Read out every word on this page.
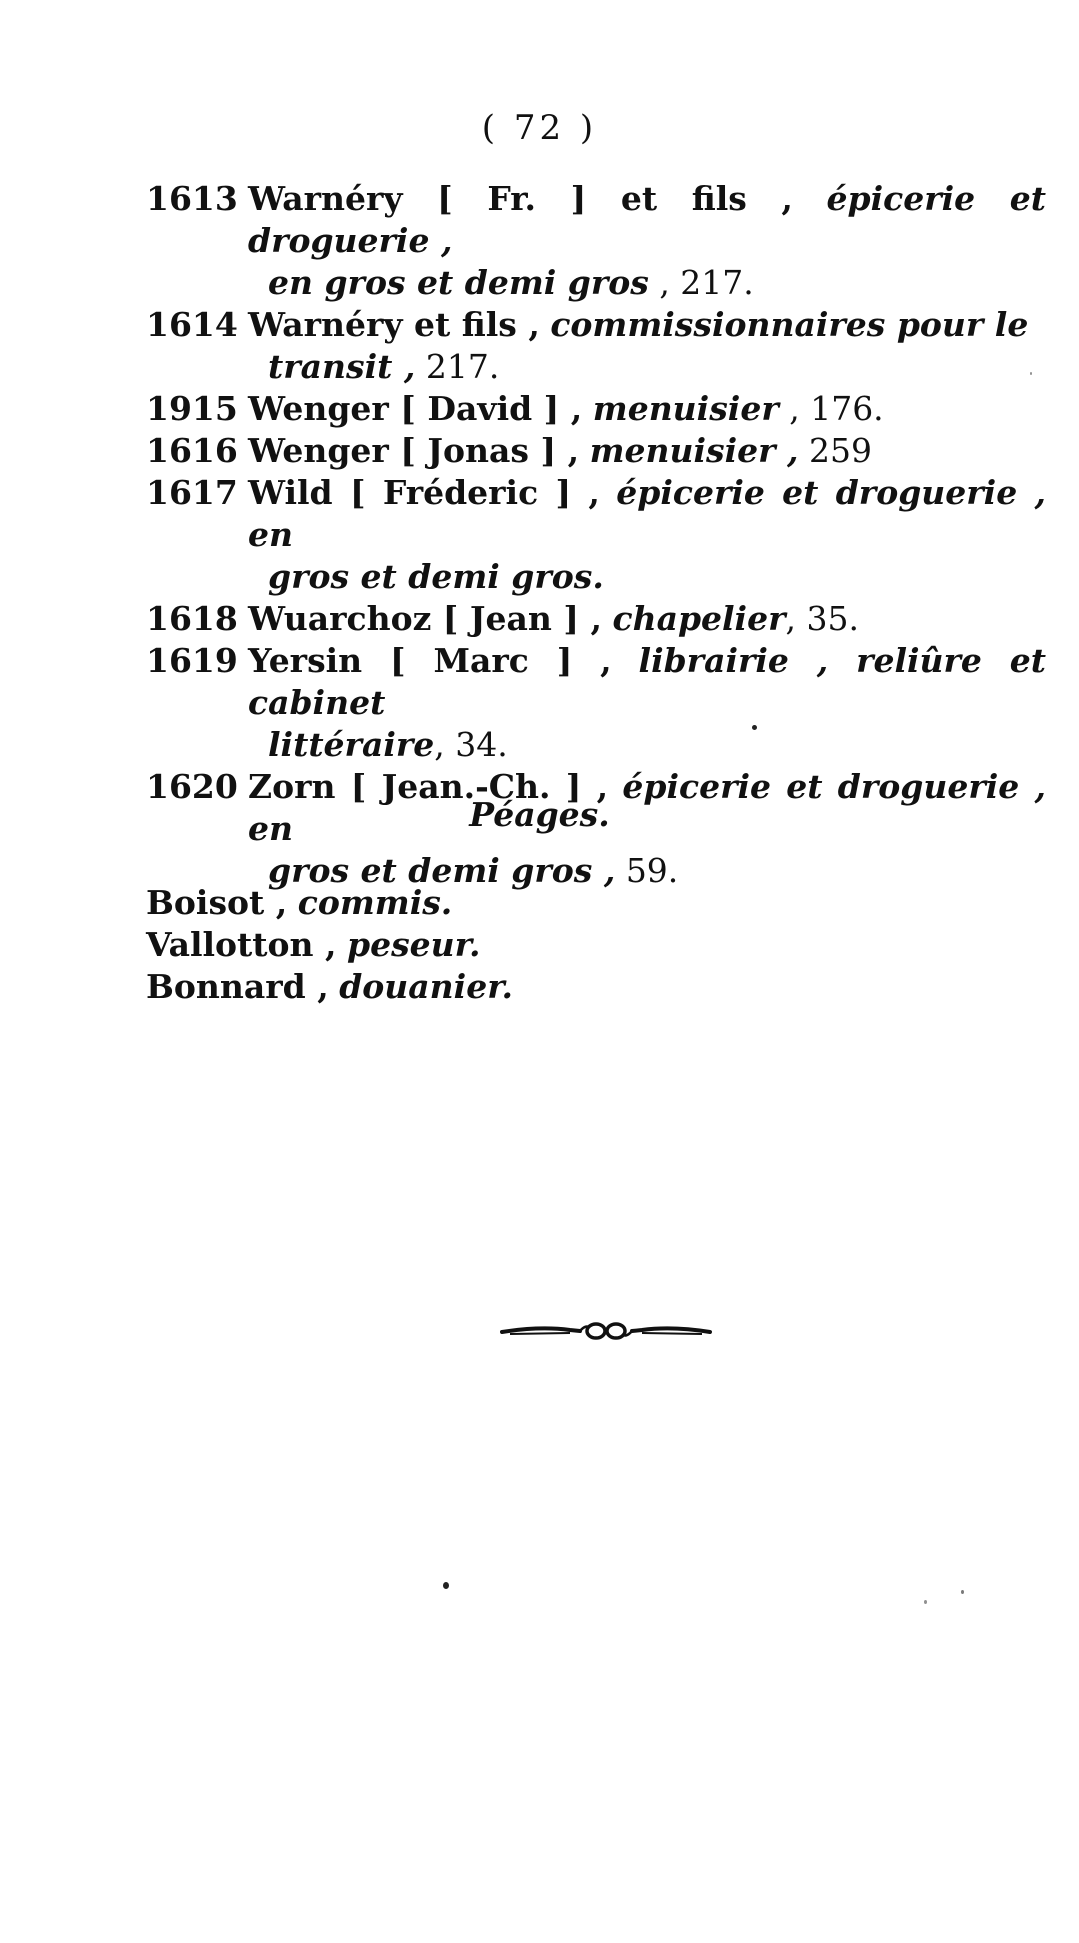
( 72 )
1613 Warnéry [ Fr. ] et fils , épicerie et droguerie ,
en gros et demi gros , 217.
1614 Warnéry et fils , commissionnaires pour le
transit , 217.
1915 Wenger [ David ] , menuisier , 176.
1616 Wenger [ Jonas ] , menuisier , 259
1617 Wild [ Fréderic ] , épicerie et droguerie , en
gros et demi gros.
1618 Wuarchoz [ Jean ] , chapelier, 35.
1619 Yersin [ Marc ] , librairie , reliûre et cabinet
littéraire, 34.
1620 Zorn [ Jean.-Ch. ] , épicerie et droguerie , en
gros et demi gros , 59.
Péages.
Boisot , commis.
Vallotton , peseur.
Bonnard , douanier.
